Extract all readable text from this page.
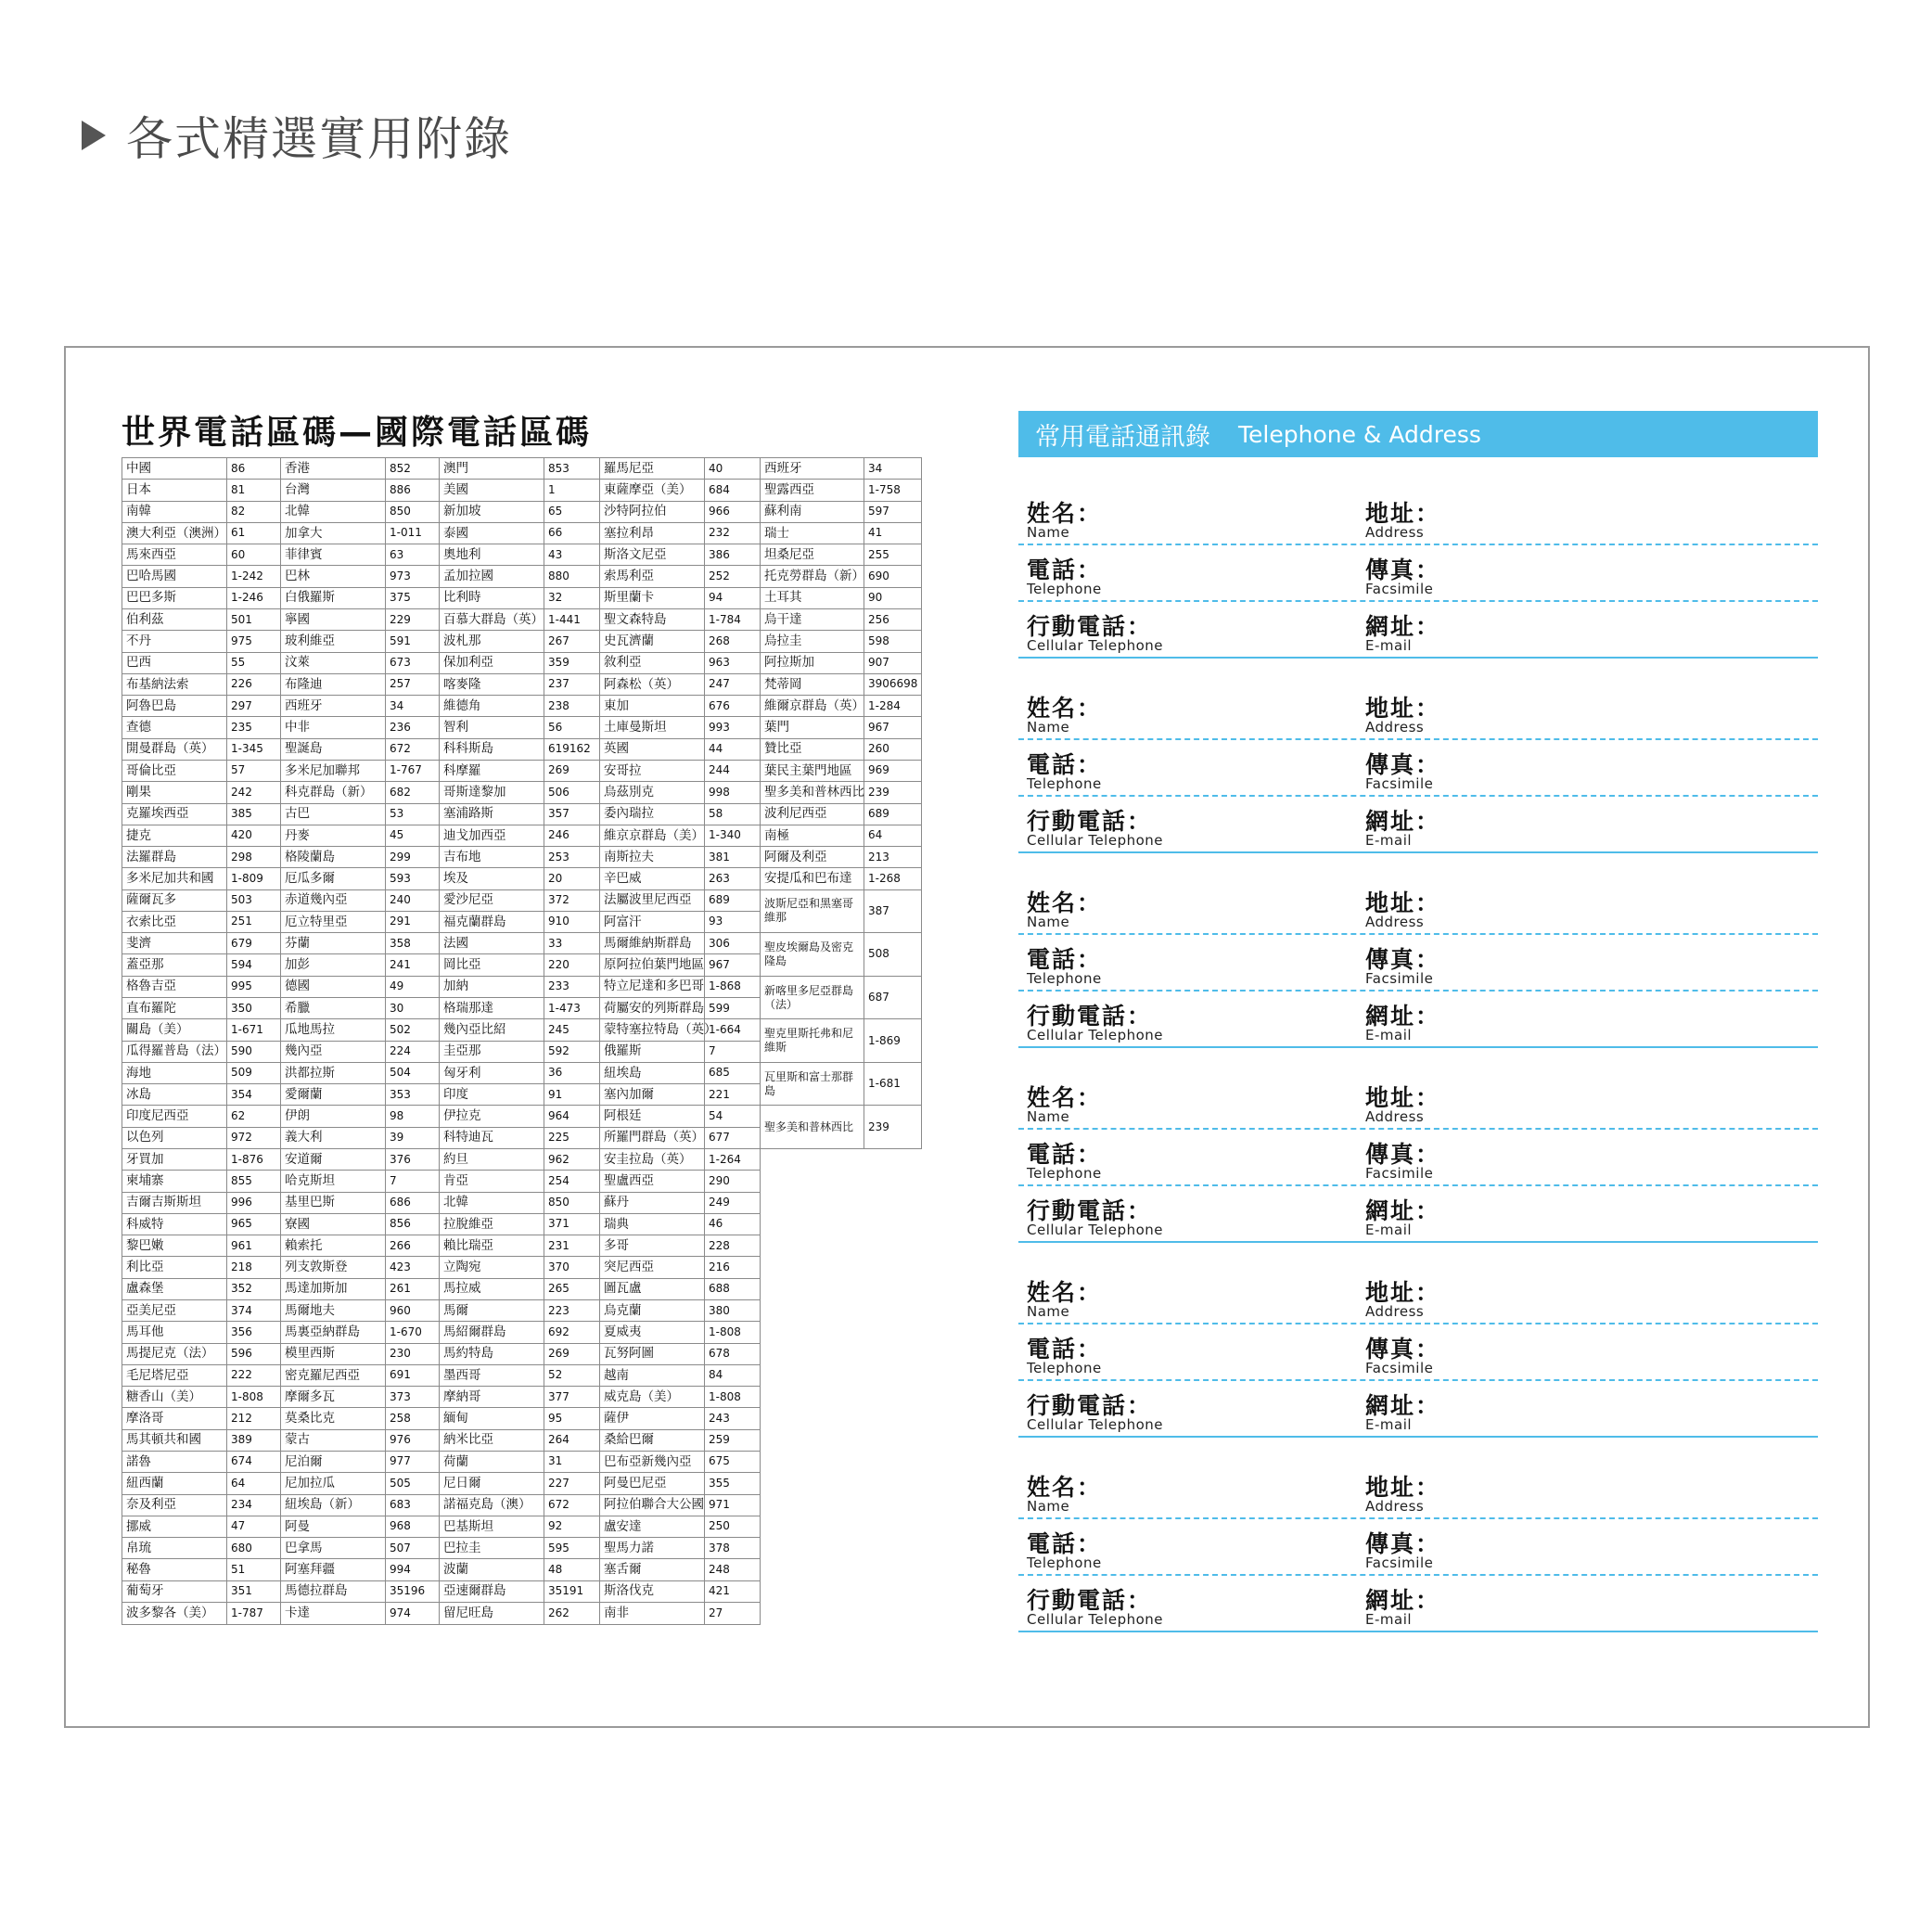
各式精選實用附錄
世界電話區碼—國際電話區碼
中國	86	香港	852	澳門	853	羅馬尼亞	40	西班牙	34
日本	81	台灣	886	美國	1	東薩摩亞（美）	684	聖露西亞	1-758
南韓	82	北韓	850	新加坡	65	沙特阿拉伯	966	蘇利南	597
澳大利亞（澳洲）	61	加拿大	1-011	泰國	66	塞拉利昂	232	瑞士	41
馬來西亞	60	菲律賓	63	奧地利	43	斯洛文尼亞	386	坦桑尼亞	255
巴哈馬國	1-242	巴林	973	孟加拉國	880	索馬利亞	252	托克勞群島（新）	690
巴巴多斯	1-246	白俄羅斯	375	比利時	32	斯里蘭卡	94	土耳其	90
伯利茲	501	寧國	229	百慕大群島（英）	1-441	聖文森特島	1-784	烏干達	256
不丹	975	玻利維亞	591	波札那	267	史瓦濟蘭	268	烏拉圭	598
巴西	55	汶萊	673	保加利亞	359	敘利亞	963	阿拉斯加	907
布基納法索	226	布隆迪	257	喀麥隆	237	阿森松（英）	247	梵蒂岡	3906698
阿魯巴島	297	西班牙	34	維德角	238	東加	676	維爾京群島（英）	1-284
查德	235	中非	236	智利	56	土庫曼斯坦	993	葉門	967
開曼群島（英）	1-345	聖誕島	672	科科斯島	619162	英國	44	贊比亞	260
哥倫比亞	57	多米尼加聯邦	1-767	科摩羅	269	安哥拉	244	葉民主葉門地區	969
剛果	242	科克群島（新）	682	哥斯達黎加	506	烏茲別克	998	聖多美和普林西比	239
克羅埃西亞	385	古巴	53	塞浦路斯	357	委內瑞拉	58	波利尼西亞	689
捷克	420	丹麥	45	迪戈加西亞	246	維京京群島（美）	1-340	南極	64
法羅群島	298	格陵蘭島	299	吉布地	253	南斯拉夫	381	阿爾及利亞	213
多米尼加共和國	1-809	厄瓜多爾	593	埃及	20	辛巴威	263	安提瓜和巴布達	1-268
薩爾瓦多	503	赤道幾內亞	240	愛沙尼亞	372	法屬波里尼西亞	689	波斯尼亞和黑塞哥維那	387
衣索比亞	251	厄立特里亞	291	福克蘭群島	910	阿富汗	93		
斐濟	679	芬蘭	358	法國	33	馬爾維納斯群島	306	聖皮埃爾島及密克隆島	508
蓋亞那	594	加彭	241	岡比亞	220	原阿拉伯葉門地區	967		
格魯吉亞	995	德國	49	加納	233	特立尼達和多巴哥	1-868	新喀里多尼亞群島（法）	687
直布羅陀	350	希臘	30	格瑞那達	1-473	荷屬安的列斯群島	599		
關島（美）	1-671	瓜地馬拉	502	幾內亞比紹	245	蒙特塞拉特島（英）	1-664	聖克里斯托弗和尼維斯	1-869
瓜得羅普島（法）	590	幾內亞	224	圭亞那	592	俄羅斯	7		
海地	509	洪都拉斯	504	匈牙利	36	紐埃島	685	瓦里斯和富士那群島	1-681
冰島	354	愛爾蘭	353	印度	91	塞內加爾	221		
印度尼西亞	62	伊朗	98	伊拉克	964	阿根廷	54	聖多美和普林西比	239
以色列	972	義大利	39	科特迪瓦	225	所羅門群島（英）	677		
牙買加	1-876	安道爾	376	約旦	962	安圭拉島（英）	1-264		
柬埔寨	855	哈克斯坦	7	肯亞	254	聖盧西亞	290		
吉爾吉斯斯坦	996	基里巴斯	686	北韓	850	蘇丹	249		
科威特	965	寮國	856	拉脫維亞	371	瑞典	46		
黎巴嫩	961	賴索托	266	賴比瑞亞	231	多哥	228		
利比亞	218	列支敦斯登	423	立陶宛	370	突尼西亞	216		
盧森堡	352	馬達加斯加	261	馬拉威	265	圖瓦盧	688		
亞美尼亞	374	馬爾地夫	960	馬爾	223	烏克蘭	380		
馬耳他	356	馬裏亞納群島	1-670	馬紹爾群島	692	夏威夷	1-808		
馬提尼克（法）	596	模里西斯	230	馬約特島	269	瓦努阿圖	678		
毛尼塔尼亞	222	密克羅尼西亞	691	墨西哥	52	越南	84		
糖香山（美）	1-808	摩爾多瓦	373	摩納哥	377	威克島（美）	1-808		
摩洛哥	212	莫桑比克	258	緬甸	95	薩伊	243		
馬其頓共和國	389	蒙古	976	納米比亞	264	桑給巴爾	259		
諾魯	674	尼泊爾	977	荷蘭	31	巴布亞新幾內亞	675		
紐西蘭	64	尼加拉瓜	505	尼日爾	227	阿曼巴尼亞	355		
奈及利亞	234	紐埃島（新）	683	諾福克島（澳）	672	阿拉伯聯合大公國	971		
挪威	47	阿曼	968	巴基斯坦	92	盧安達	250		
帛琉	680	巴拿馬	507	巴拉圭	595	聖馬力諾	378		
秘魯	51	阿塞拜疆	994	波蘭	48	塞舌爾	248		
葡萄牙	351	馬德拉群島	35196	亞速爾群島	35191	斯洛伐克	421		
波多黎各（美）	1-787	卡達	974	留尼旺島	262	南非	27		
常用電話通訊錄 Telephone & Address
姓名：
Name
地址：
Address
電話：
Telephone
傳真：
Facsimile
行動電話：
Cellular Telephone
網址：
E-mail
姓名：
Name
地址：
Address
電話：
Telephone
傳真：
Facsimile
行動電話：
Cellular Telephone
網址：
E-mail
姓名：
Name
地址：
Address
電話：
Telephone
傳真：
Facsimile
行動電話：
Cellular Telephone
網址：
E-mail
姓名：
Name
地址：
Address
電話：
Telephone
傳真：
Facsimile
行動電話：
Cellular Telephone
網址：
E-mail
姓名：
Name
地址：
Address
電話：
Telephone
傳真：
Facsimile
行動電話：
Cellular Telephone
網址：
E-mail
姓名：
Name
地址：
Address
電話：
Telephone
傳真：
Facsimile
行動電話：
Cellular Telephone
網址：
E-mail
